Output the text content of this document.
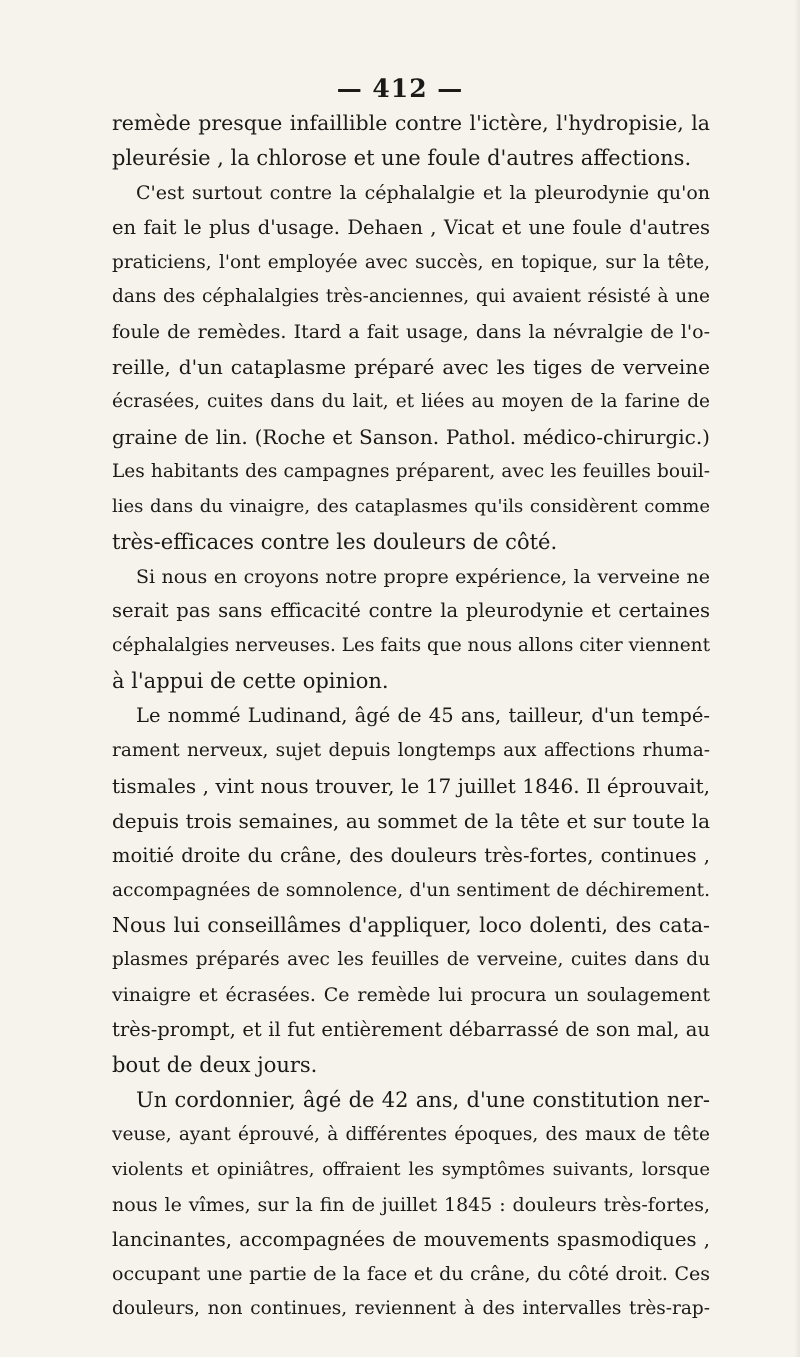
— 412 —
remède presque infaillible contre l'ictère, l'hydropisie, la
pleurésie , la chlorose et une foule d'autres affections.
C'est surtout contre la céphalalgie et la pleurodynie qu'on
en fait le plus d'usage. Dehaen , Vicat et une foule d'autres
praticiens, l'ont employée avec succès, en topique, sur la tête,
dans des céphalalgies très-anciennes, qui avaient résisté à une
foule de remèdes. Itard a fait usage, dans la névralgie de l'o-
reille, d'un cataplasme préparé avec les tiges de verveine
écrasées, cuites dans du lait, et liées au moyen de la farine de
graine de lin. (Roche et Sanson. Pathol. médico-chirurgic.)
Les habitants des campagnes préparent, avec les feuilles bouil-
lies dans du vinaigre, des cataplasmes qu'ils considèrent comme
très-efficaces contre les douleurs de côté.
Si nous en croyons notre propre expérience, la verveine ne
serait pas sans efficacité contre la pleurodynie et certaines
céphalalgies nerveuses. Les faits que nous allons citer viennent
à l'appui de cette opinion.
Le nommé Ludinand, âgé de 45 ans, tailleur, d'un tempé-
rament nerveux, sujet depuis longtemps aux affections rhuma-
tismales , vint nous trouver, le 17 juillet 1846. Il éprouvait,
depuis trois semaines, au sommet de la tête et sur toute la
moitié droite du crâne, des douleurs très-fortes, continues ,
accompagnées de somnolence, d'un sentiment de déchirement.
Nous lui conseillâmes d'appliquer, loco dolenti, des cata-
plasmes préparés avec les feuilles de verveine, cuites dans du
vinaigre et écrasées. Ce remède lui procura un soulagement
très-prompt, et il fut entièrement débarrassé de son mal, au
bout de deux jours.
Un cordonnier, âgé de 42 ans, d'une constitution ner-
veuse, ayant éprouvé, à différentes époques, des maux de tête
violents et opiniâtres, offraient les symptômes suivants, lorsque
nous le vîmes, sur la fin de juillet 1845 : douleurs très-fortes,
lancinantes, accompagnées de mouvements spasmodiques ,
occupant une partie de la face et du crâne, du côté droit. Ces
douleurs, non continues, reviennent à des intervalles très-rap-
